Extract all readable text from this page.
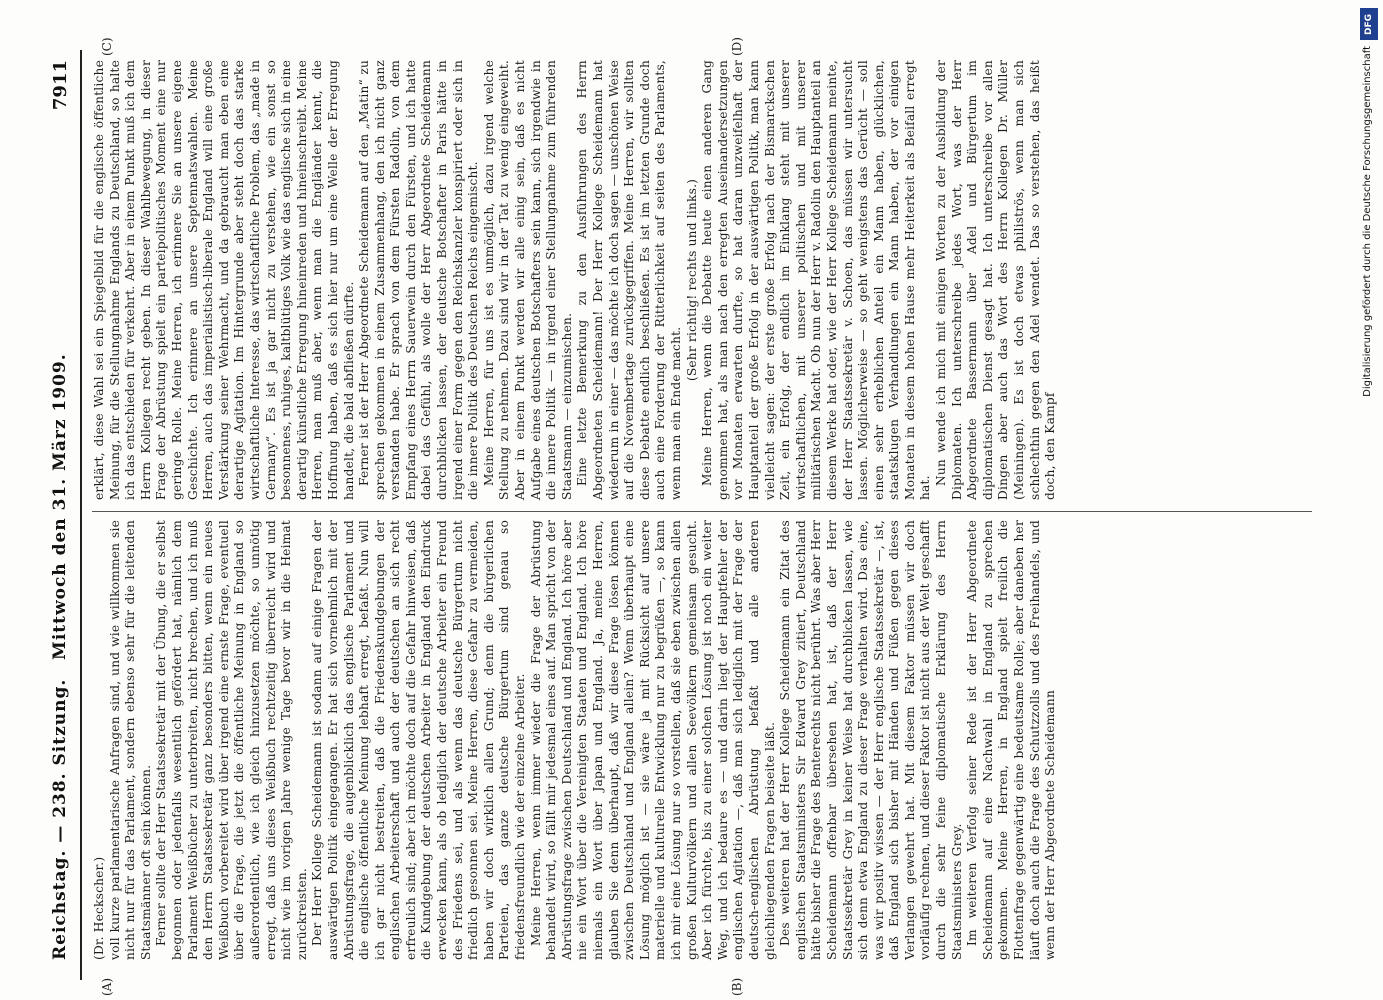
Reichstag. — 238. Sitzung.
Mittwoch den 31. März 1909.
7911
(A)	(B)
(C)	(D)

(Dr. Heckscher.) voll kurze parlamentarische Anfragen sind, und wie willkommen sie nicht nur für das Parlament, sondern ebenso sehr für die leitenden Staatsmänner oft sein können. Ferner sollte der Herr Staatssekretär mit der Übung, die er selbst begonnen oder jedenfalls wesentlich gefördert hat, nämlich dem Parlament Weißbücher zu unterbreiten, nicht brechen, und ich muß den Herrn Staatssekretär ganz besonders bitten, wenn ein neues Weißbuch vorbereitet wird über irgend eine ernste Frage, eventuell über die Frage, die jetzt die öffentliche Meinung in England so außerordentlich, wie ich gleich hinzusetzen möchte, so unnötig erregt, daß uns dieses Weißbuch rechtzeitig überreicht wird und nicht wie im vorigen Jahre wenige Tage bevor wir in die Heimat zurückreisten. Der Herr Kollege Scheidemann ist sodann auf einige Fragen der auswärtigen Politik eingegangen. Er hat sich vornehmlich mit der Abrüstungsfrage, die augenblicklich das englische Parlament und die englische öffentliche Meinung lebhaft erregt, befaßt. Nun will ich gar nicht bestreiten, daß die Friedenskundgebungen der englischen Arbeiterschaft und auch der deutschen an sich recht erfreulich sind; aber ich möchte doch auf die Gefahr hinweisen, daß die Kundgebung der deutschen Arbeiter in England den Eindruck erwecken kann, als ob lediglich der deutsche Arbeiter ein Freund des Friedens sei, und als wenn das deutsche Bürgertum nicht friedlich gesonnen sei. Meine Herren, diese Gefahr zu vermeiden, haben wir doch wirklich allen Grund; denn die bürgerlichen Parteien, das ganze deutsche Bürgertum sind genau so friedensfreundlich wie der einzelne Arbeiter. Meine Herren, wenn immer wieder die Frage der Abrüstung behandelt wird, so fällt mir jedesmal eines auf. Man spricht von der Abrüstungsfrage zwischen Deutschland und England. Ich höre aber nie ein Wort über die Vereinigten Staaten und England. Ich höre niemals ein Wort über Japan und England. Ja, meine Herren, glauben Sie denn überhaupt, daß wir diese Frage lösen können zwischen Deutschland und England allein? Wenn überhaupt eine Lösung möglich ist — sie wäre ja mit Rücksicht auf unsere materielle und kulturelle Entwicklung nur zu begrüßen —, so kann ich mir eine Lösung nur so vorstellen, daß sie eben zwischen allen großen Kulturvölkern und allen Seevölkern gemeinsam gesucht. Aber ich fürchte, bis zu einer solchen Lösung ist noch ein weiter Weg, und ich bedaure es — und darin liegt der Hauptfehler der englischen Agitation —, daß man sich lediglich mit der Frage der deutsch-englischen Abrüstung befaßt und alle anderen gleichliegenden Fragen beiseite läßt. Des weiteren hat der Herr Kollege Scheidemann ein Zitat des englischen Staatsministers Sir Edward Grey zitiert, Deutschland hätte bisher die Frage des Benterechts nicht berührt. Was aber Herr Scheidemann offenbar übersehen hat, ist, daß der Herr Staatssekretär Grey in keiner Weise hat durchblicken lassen, wie sich denn etwa England zu dieser Frage verhalten wird. Das eine, was wir positiv wissen — der Herr englische Staatssekretär —, ist, daß England sich bisher mit Händen und Füßen gegen dieses Verlangen gewehrt hat. Mit diesem Faktor müssen wir doch vorläufig rechnen, und dieser Faktor ist nicht aus der Welt geschafft durch die sehr feine diplomatische Erklärung des Herrn Staatsministers Grey. Im weiteren Verfolg seiner Rede ist der Herr Abgeordnete Scheidemann auf eine Nachwahl in England zu sprechen gekommen. Meine Herren, in England spielt freilich die Flottenfrage gegenwärtig eine bedeutsame Rolle; aber daneben her läuft doch auch die Frage des Schutzzolls und des Freihandels, und wenn der Herr Abgeordnete Scheidemann

erklärt, diese Wahl sei ein Spiegelbild für die englische öffentliche Meinung, für die Stellungnahme Englands zu Deutschland, so halte ich das entschieden für verkehrt. Aber in einem Punkt muß ich dem Herrn Kollegen recht geben. In dieser Wahlbewegung, in dieser Frage der Abrüstung spielt ein parteipolitisches Moment eine nur geringe Rolle. Meine Herren, ich erinnere Sie an unsere eigene Geschichte. Ich erinnere an unsere Septennatswahlen. Meine Herren, auch das imperialistisch-liberale England will eine große Verstärkung seiner Wehrmacht, und da gebraucht man eben eine derartige Agitation. Im Hintergrunde aber steht doch das starke wirtschaftliche Interesse, das wirtschaftliche Problem, das „made in Germany“. Es ist ja gar nicht zu verstehen, wie ein sonst so besonnenes, ruhiges, kaltblütiges Volk wie das englische sich in eine derartig künstliche Erregung hineinreden und hineinschreibt. Meine Herren, man muß aber, wenn man die Engländer kennt, die Hoffnung haben, daß es sich hier nur um eine Welle der Erregung handelt, die bald abfließen dürfte. Ferner ist der Herr Abgeordnete Scheidemann auf den „Matin“ zu sprechen gekommen in einem Zusammenhang, den ich nicht ganz verstanden habe. Er sprach von dem Fürsten Radolin, von dem Empfang eines Herrn Sauerwein durch den Fürsten, und ich hatte dabei das Gefühl, als wolle der Herr Abgeordnete Scheidemann durchblicken lassen, der deutsche Botschafter in Paris hätte in irgend einer Form gegen den Reichskanzler konspiriert oder sich in die innere Politik des Deutschen Reichs eingemischt. Meine Herren, für uns ist es unmöglich, dazu irgend welche Stellung zu nehmen. Dazu sind wir in der Tat zu wenig eingeweiht. Aber in einem Punkt werden wir alle einig sein, daß es nicht Aufgabe eines deutschen Botschafters sein kann, sich irgendwie in die innere Politik — in irgend einer Stellungnahme zum führenden Staatsmann — einzumischen. Eine letzte Bemerkung zu den Ausführungen des Herrn Abgeordneten Scheidemann! Der Herr Kollege Scheidemann hat wiederum in einer — das möchte ich doch sagen — unschönen Weise auf die Novembertage zurückgegriffen. Meine Herren, wir sollten diese Debatte endlich beschließen. Es ist im letzten Grunde doch auch eine Forderung der Ritterlichkeit auf seiten des Parlaments, wenn man ein Ende macht.

(Sehr richtig! rechts und links.) Meine Herren, wenn die Debatte heute einen anderen Gang genommen hat, als man nach den erregten Auseinandersetzungen vor Monaten erwarten durfte, so hat daran unzweifelhaft der Hauptanteil der große Erfolg in der auswärtigen Politik, man kann vielleicht sagen: der erste große Erfolg nach der Bismarckschen Zeit, ein Erfolg, der endlich im Einklang steht mit unserer wirtschaftlichen, mit unserer politischen und mit unserer militärischen Macht. Ob nun der Herr v. Radolin den Hauptanteil an diesem Werke hat oder, wie der Herr Kollege Scheidemann meinte, der Herr Staatssekretär v. Schoen, das müssen wir untersucht lassen. Möglicherweise — so geht wenigstens das Gerücht — soll einen sehr erheblichen Anteil ein Mann haben, glücklichen, staatsklugen Verhandlungen ein Mann haben, der vor einigen Monaten in diesem hohen Hause mehr Heiterkeit als Beifall erregt hat.

Nun wende ich mich mit einigen Worten zu der Ausbildung der Diplomaten. Ich unterschreibe jedes Wort, was der Herr Abgeordnete Bassermann über Adel und Bürgertum im diplomatischen Dienst gesagt hat. Ich unterschreibe vor allen Dingen aber auch das Wort des Herrn Kollegen Dr. Müller (Meiningen). Es ist doch etwas philiströs, wenn man sich schlechthin gegen den Adel wendet. Das so verstehen, das heißt doch, den Kampf

DFG
Digitalisierung gefördert durch die Deutsche Forschungsgemeinschaft
